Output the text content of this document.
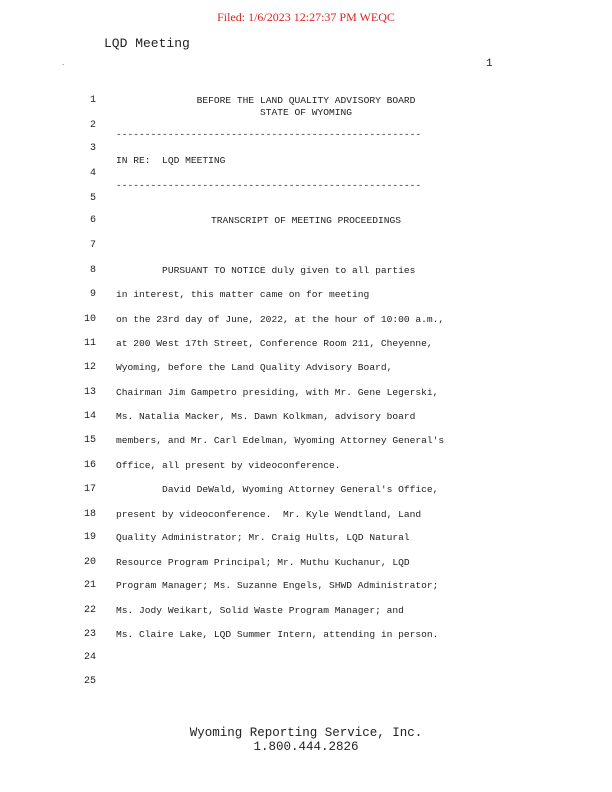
Filed: 1/6/2023 12:27:37 PM WEQC
LQD Meeting
.	1
1	BEFORE THE LAND QUALITY ADVISORY BOARD
STATE OF WYOMING
2
-----------------------------------------------------
3
IN RE:  LQD MEETING
4
-----------------------------------------------------
5
6	TRANSCRIPT OF MEETING PROCEEDINGS
7
8 PURSUANT TO NOTICE duly given to all parties
9 in interest, this matter came on for meeting
10 on the 23rd day of June, 2022, at the hour of 10:00 a.m.,
11 at 200 West 17th Street, Conference Room 211, Cheyenne,
12 Wyoming, before the Land Quality Advisory Board,
13 Chairman Jim Gampetro presiding, with Mr. Gene Legerski,
14 Ms. Natalia Macker, Ms. Dawn Kolkman, advisory board
15 members, and Mr. Carl Edelman, Wyoming Attorney General's
16 Office, all present by videoconference.
17 David DeWald, Wyoming Attorney General's Office,
18 present by videoconference.  Mr. Kyle Wendtland, Land
19 Quality Administrator; Mr. Craig Hults, LQD Natural
20 Resource Program Principal; Mr. Muthu Kuchanur, LQD
21 Program Manager; Ms. Suzanne Engels, SHWD Administrator;
22 Ms. Jody Weikart, Solid Waste Program Manager; and
23 Ms. Claire Lake, LQD Summer Intern, attending in person.
24
25
Wyoming Reporting Service, Inc.
1.800.444.2826
